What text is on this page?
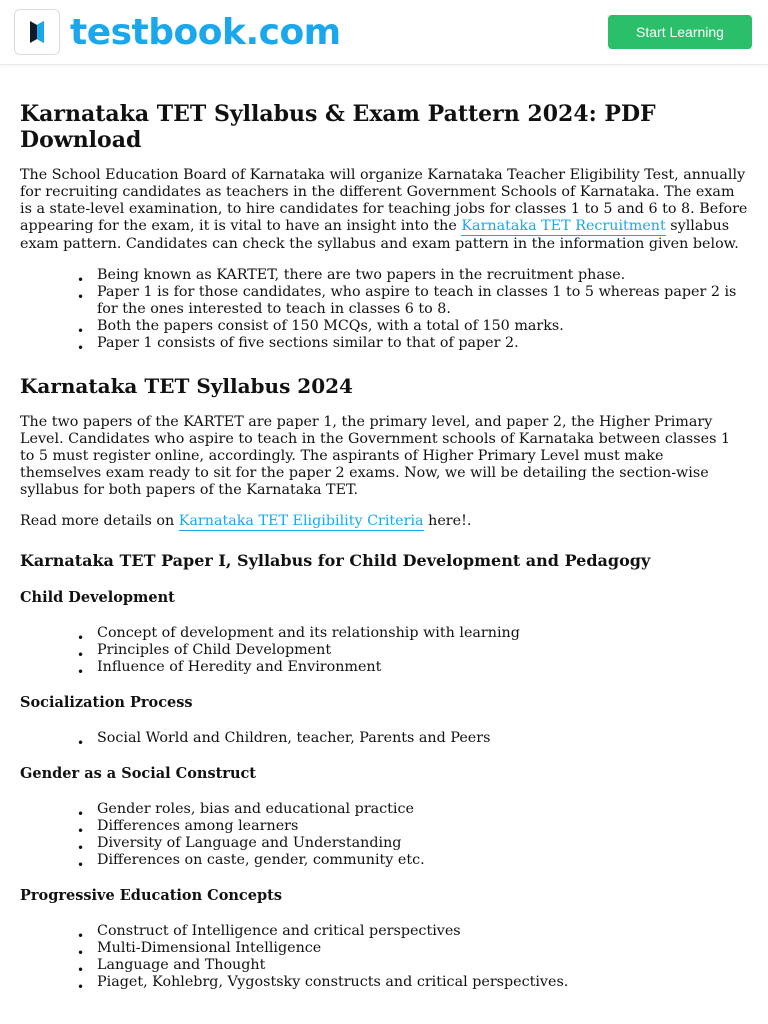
testbook.com	Start Learning
Karnataka TET Syllabus & Exam Pattern 2024: PDF Download

The School Education Board of Karnataka will organize Karnataka Teacher Eligibility Test, annually for recruiting candidates as teachers in the different Government Schools of Karnataka. The exam is a state-level examination, to hire candidates for teaching jobs for classes 1 to 5 and 6 to 8. Before appearing for the exam, it is vital to have an insight into the Karnataka TET Recruitment syllabus exam pattern. Candidates can check the syllabus and exam pattern in the information given below.

• Being known as KARTET, there are two papers in the recruitment phase.
• Paper 1 is for those candidates, who aspire to teach in classes 1 to 5 whereas paper 2 is for the ones interested to teach in classes 6 to 8.
• Both the papers consist of 150 MCQs, with a total of 150 marks.
• Paper 1 consists of five sections similar to that of paper 2.
Karnataka TET Syllabus 2024

The two papers of the KARTET are paper 1, the primary level, and paper 2, the Higher Primary Level. Candidates who aspire to teach in the Government schools of Karnataka between classes 1 to 5 must register online, accordingly. The aspirants of Higher Primary Level must make themselves exam ready to sit for the paper 2 exams. Now, we will be detailing the section-wise syllabus for both papers of the Karnataka TET.

Read more details on Karnataka TET Eligibility Criteria here!.

Karnataka TET Paper I, Syllabus for Child Development and Pedagogy
Child Development
• Concept of development and its relationship with learning
• Principles of Child Development
• Influence of Heredity and Environment
Socialization Process
• Social World and Children, teacher, Parents and Peers
Gender as a Social Construct
• Gender roles, bias and educational practice
• Differences among learners
• Diversity of Language and Understanding
• Differences on caste, gender, community etc.
Progressive Education Concepts
• Construct of Intelligence and critical perspectives
• Multi-Dimensional Intelligence
• Language and Thought
• Piaget, Kohlebrg, Vygostsky constructs and critical perspectives.
